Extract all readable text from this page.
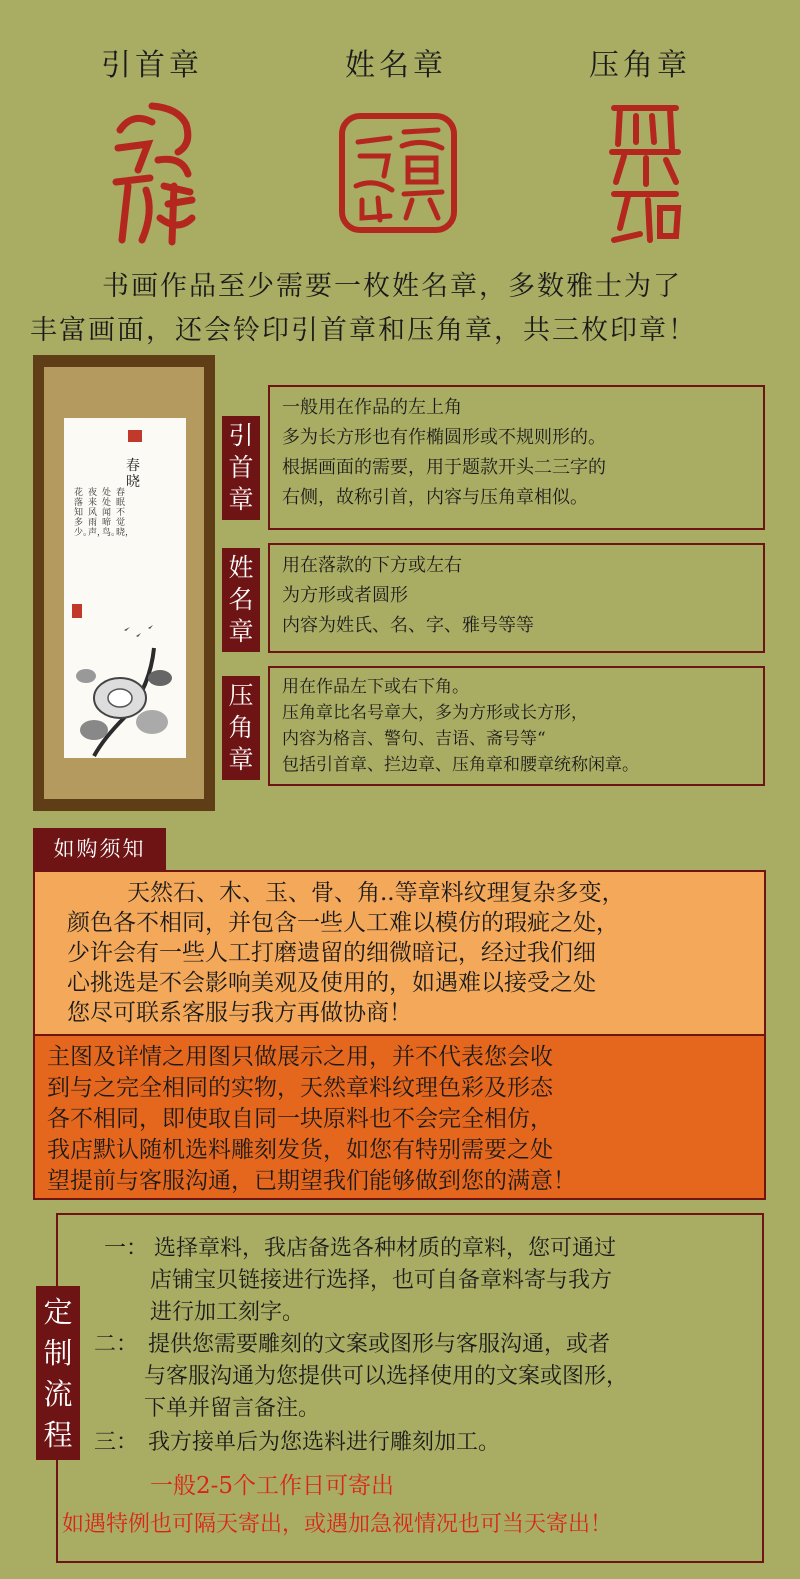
引首章	姓名章	压角章
书画作品至少需要一枚姓名章，多数雅士为了
丰富画面，还会铃印引首章和压角章，共三枚印章！
春晓
春眠不觉晓，
处处闻啼鸟。
夜来风雨声，
花落知多少。
引
首
章
一般用在作品的左上角
多为长方形也有作椭圆形或不规则形的。
根据画面的需要，用于题款开头二三字的
右侧，故称引首，内容与压角章相似。
姓
名
章
用在落款的下方或左右
为方形或者圆形
内容为姓氏、名、字、雅号等等
压
角
章
用在作品左下或右下角。
压角章比名号章大，多为方形或长方形，
内容为格言、警句、吉语、斋号等“
包括引首章、拦边章、压角章和腰章统称闲章。
如购须知
天然石、木、玉、骨、角..等章料纹理复杂多变，
颜色各不相同，并包含一些人工难以模仿的瑕疵之处，
少许会有一些人工打磨遗留的细微暗记，经过我们细
心挑选是不会影响美观及使用的，如遇难以接受之处
您尽可联系客服与我方再做协商！
主图及详情之用图只做展示之用，并不代表您会收
到与之完全相同的实物，天然章料纹理色彩及形态
各不相同，即使取自同一块原料也不会完全相仿，
我店默认随机选料雕刻发货，如您有特别需要之处
望提前与客服沟通，已期望我们能够做到您的满意！
一： 选择章料，我店备选各种材质的章料，您可通过
店铺宝贝链接进行选择，也可自备章料寄与我方
进行加工刻字。
二： 提供您需要雕刻的文案或图形与客服沟通，或者
与客服沟通为您提供可以选择使用的文案或图形，
下单并留言备注。
三： 我方接单后为您选料进行雕刻加工。
一般2-5个工作日可寄出
如遇特例也可隔天寄出，或遇加急视情况也可当天寄出！
定
制
流
程
